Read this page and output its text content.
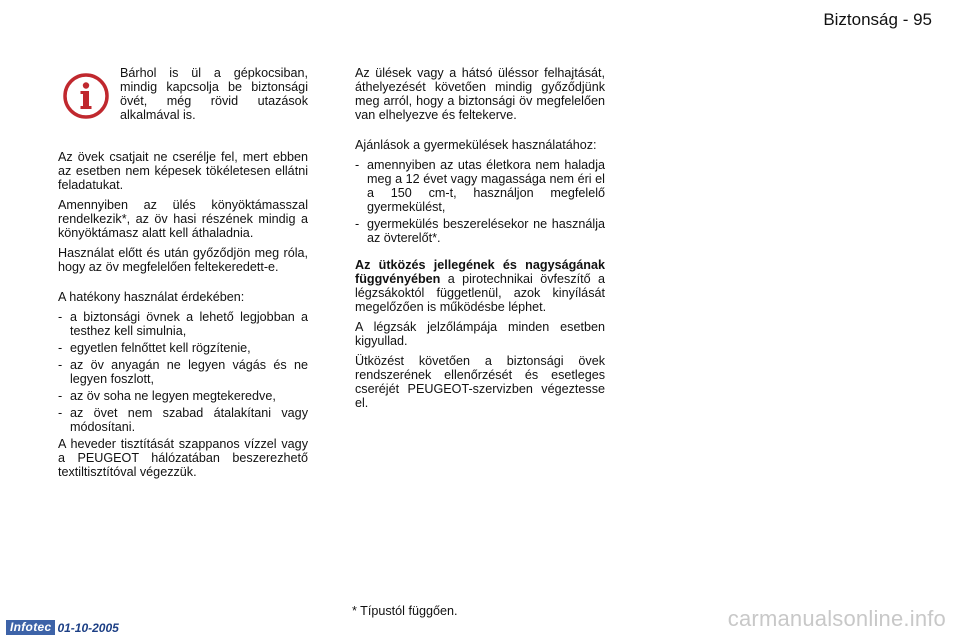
Biztonság - 95
Bárhol is ül a gépkocsiban, mindig kapcsolja be biztonsági övét, még rövid utazások alkalmával is.

Az övek csatjait ne cserélje fel, mert ebben az esetben nem képesek tökéletesen ellátni feladatukat.

Amennyiben az ülés könyöktámasszal rendelkezik*, az öv hasi részének mindig a könyöktámasz alatt kell áthaladnia.

Használat előtt és után győződjön meg róla, hogy az öv megfelelően feltekeredett-e.

A hatékony használat érdekében:

- a biztonsági övnek a lehető legjobban a testhez kell simulnia,
- egyetlen felnőttet kell rögzítenie,
- az öv anyagán ne legyen vágás és ne legyen foszlott,
- az öv soha ne legyen megtekeredve,
- az övet nem szabad átalakítani vagy módosítani.

A heveder tisztítását szappanos vízzel vagy a PEUGEOT hálózatában beszerezhető textiltisztítóval végezzük.

Az ülések vagy a hátsó üléssor felhajtását, áthelyezését követően mindig győződjünk meg arról, hogy a biztonsági öv megfelelően van elhelyezve és feltekerve.

Ajánlások a gyermekülések használatához:

- amennyiben az utas életkora nem haladja meg a 12 évet vagy magassága nem éri el a 150 cm-t, használjon megfelelő gyermekülést,
- gyermekülés beszerelésekor ne használja az övterelőt*.

Az ütközés jellegének és nagyságának függvényében a pirotechnikai övfeszítő a légzsákoktól függetlenül, azok kinyílását megelőzően is működésbe léphet.

A légzsák jelzőlámpája minden esetben kigyullad.

Ütközést követően a biztonsági övek rendszerének ellenőrzését és esetleges cseréjét PEUGEOT-szervizben végeztesse el.

* Típustól függően.
Infotec 01-10-2005	carmanualsonline.info
